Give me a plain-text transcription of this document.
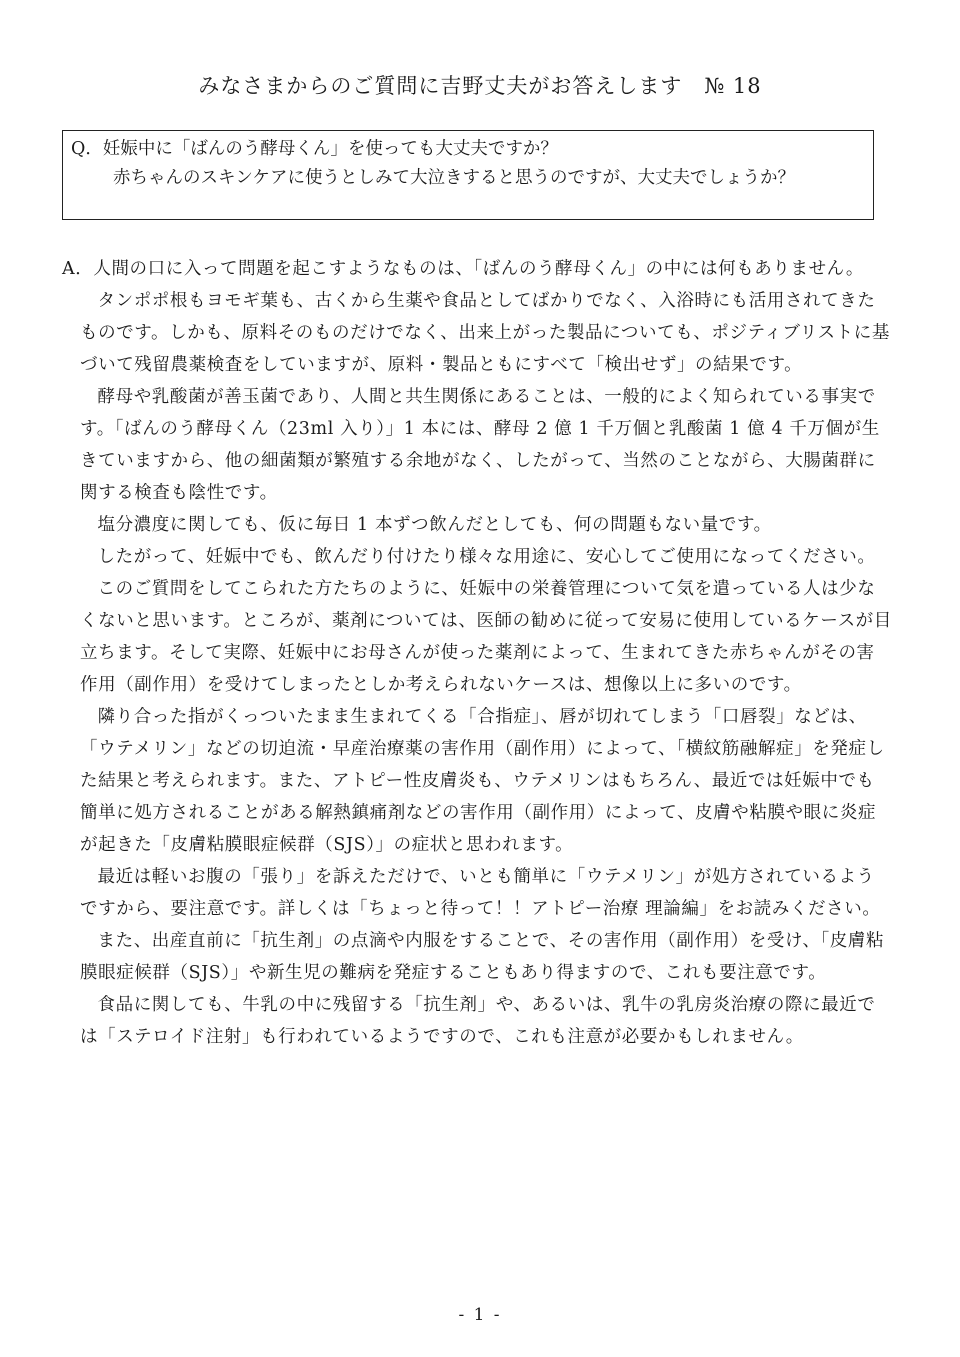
みなさまからのご質問に吉野丈夫がお答えします　№ 18

Q．妊娠中に「ばんのう酵母くん」を使っても大丈夫ですか？

赤ちゃんのスキンケアに使うとしみて大泣きすると思うのですが、大丈夫でしょうか？

A．人間の口に入って問題を起こすようなものは、「ばんのう酵母くん」の中には何もありません。

タンポポ根もヨモギ葉も、古くから生薬や食品としてばかりでなく、入浴時にも活用されてきたものです。しかも、原料そのものだけでなく、出来上がった製品についても、ポジティブリストに基づいて残留農薬検査をしていますが、原料・製品ともにすべて「検出せず」の結果です。

酵母や乳酸菌が善玉菌であり、人間と共生関係にあることは、一般的によく知られている事実です。「ばんのう酵母くん（23ml 入り）」1 本には、酵母 2 億 1 千万個と乳酸菌 1 億 4 千万個が生きていますから、他の細菌類が繁殖する余地がなく、したがって、当然のことながら、大腸菌群に関する検査も陰性です。

塩分濃度に関しても、仮に毎日 1 本ずつ飲んだとしても、何の問題もない量です。

したがって、妊娠中でも、飲んだり付けたり様々な用途に、安心してご使用になってください。

このご質問をしてこられた方たちのように、妊娠中の栄養管理について気を遣っている人は少なくないと思います。ところが、薬剤については、医師の勧めに従って安易に使用しているケースが目立ちます。そして実際、妊娠中にお母さんが使った薬剤によって、生まれてきた赤ちゃんがその害作用（副作用）を受けてしまったとしか考えられないケースは、想像以上に多いのです。

隣り合った指がくっついたまま生まれてくる「合指症」、唇が切れてしまう「口唇裂」などは、「ウテメリン」などの切迫流・早産治療薬の害作用（副作用）によって、「横紋筋融解症」を発症した結果と考えられます。また、アトピー性皮膚炎も、ウテメリンはもちろん、最近では妊娠中でも簡単に処方されることがある解熱鎮痛剤などの害作用（副作用）によって、皮膚や粘膜や眼に炎症が起きた「皮膚粘膜眼症候群（SJS）」の症状と思われます。

最近は軽いお腹の「張り」を訴えただけで、いとも簡単に「ウテメリン」が処方されているようですから、要注意です。詳しくは「ちょっと待って！！アトピー治療 理論編」をお読みください。

また、出産直前に「抗生剤」の点滴や内服をすることで、その害作用（副作用）を受け、「皮膚粘膜眼症候群（SJS）」や新生児の難病を発症することもあり得ますので、これも要注意です。

食品に関しても、牛乳の中に残留する「抗生剤」や、あるいは、乳牛の乳房炎治療の際に最近では「ステロイド注射」も行われているようですので、これも注意が必要かもしれません。

- 1 -
